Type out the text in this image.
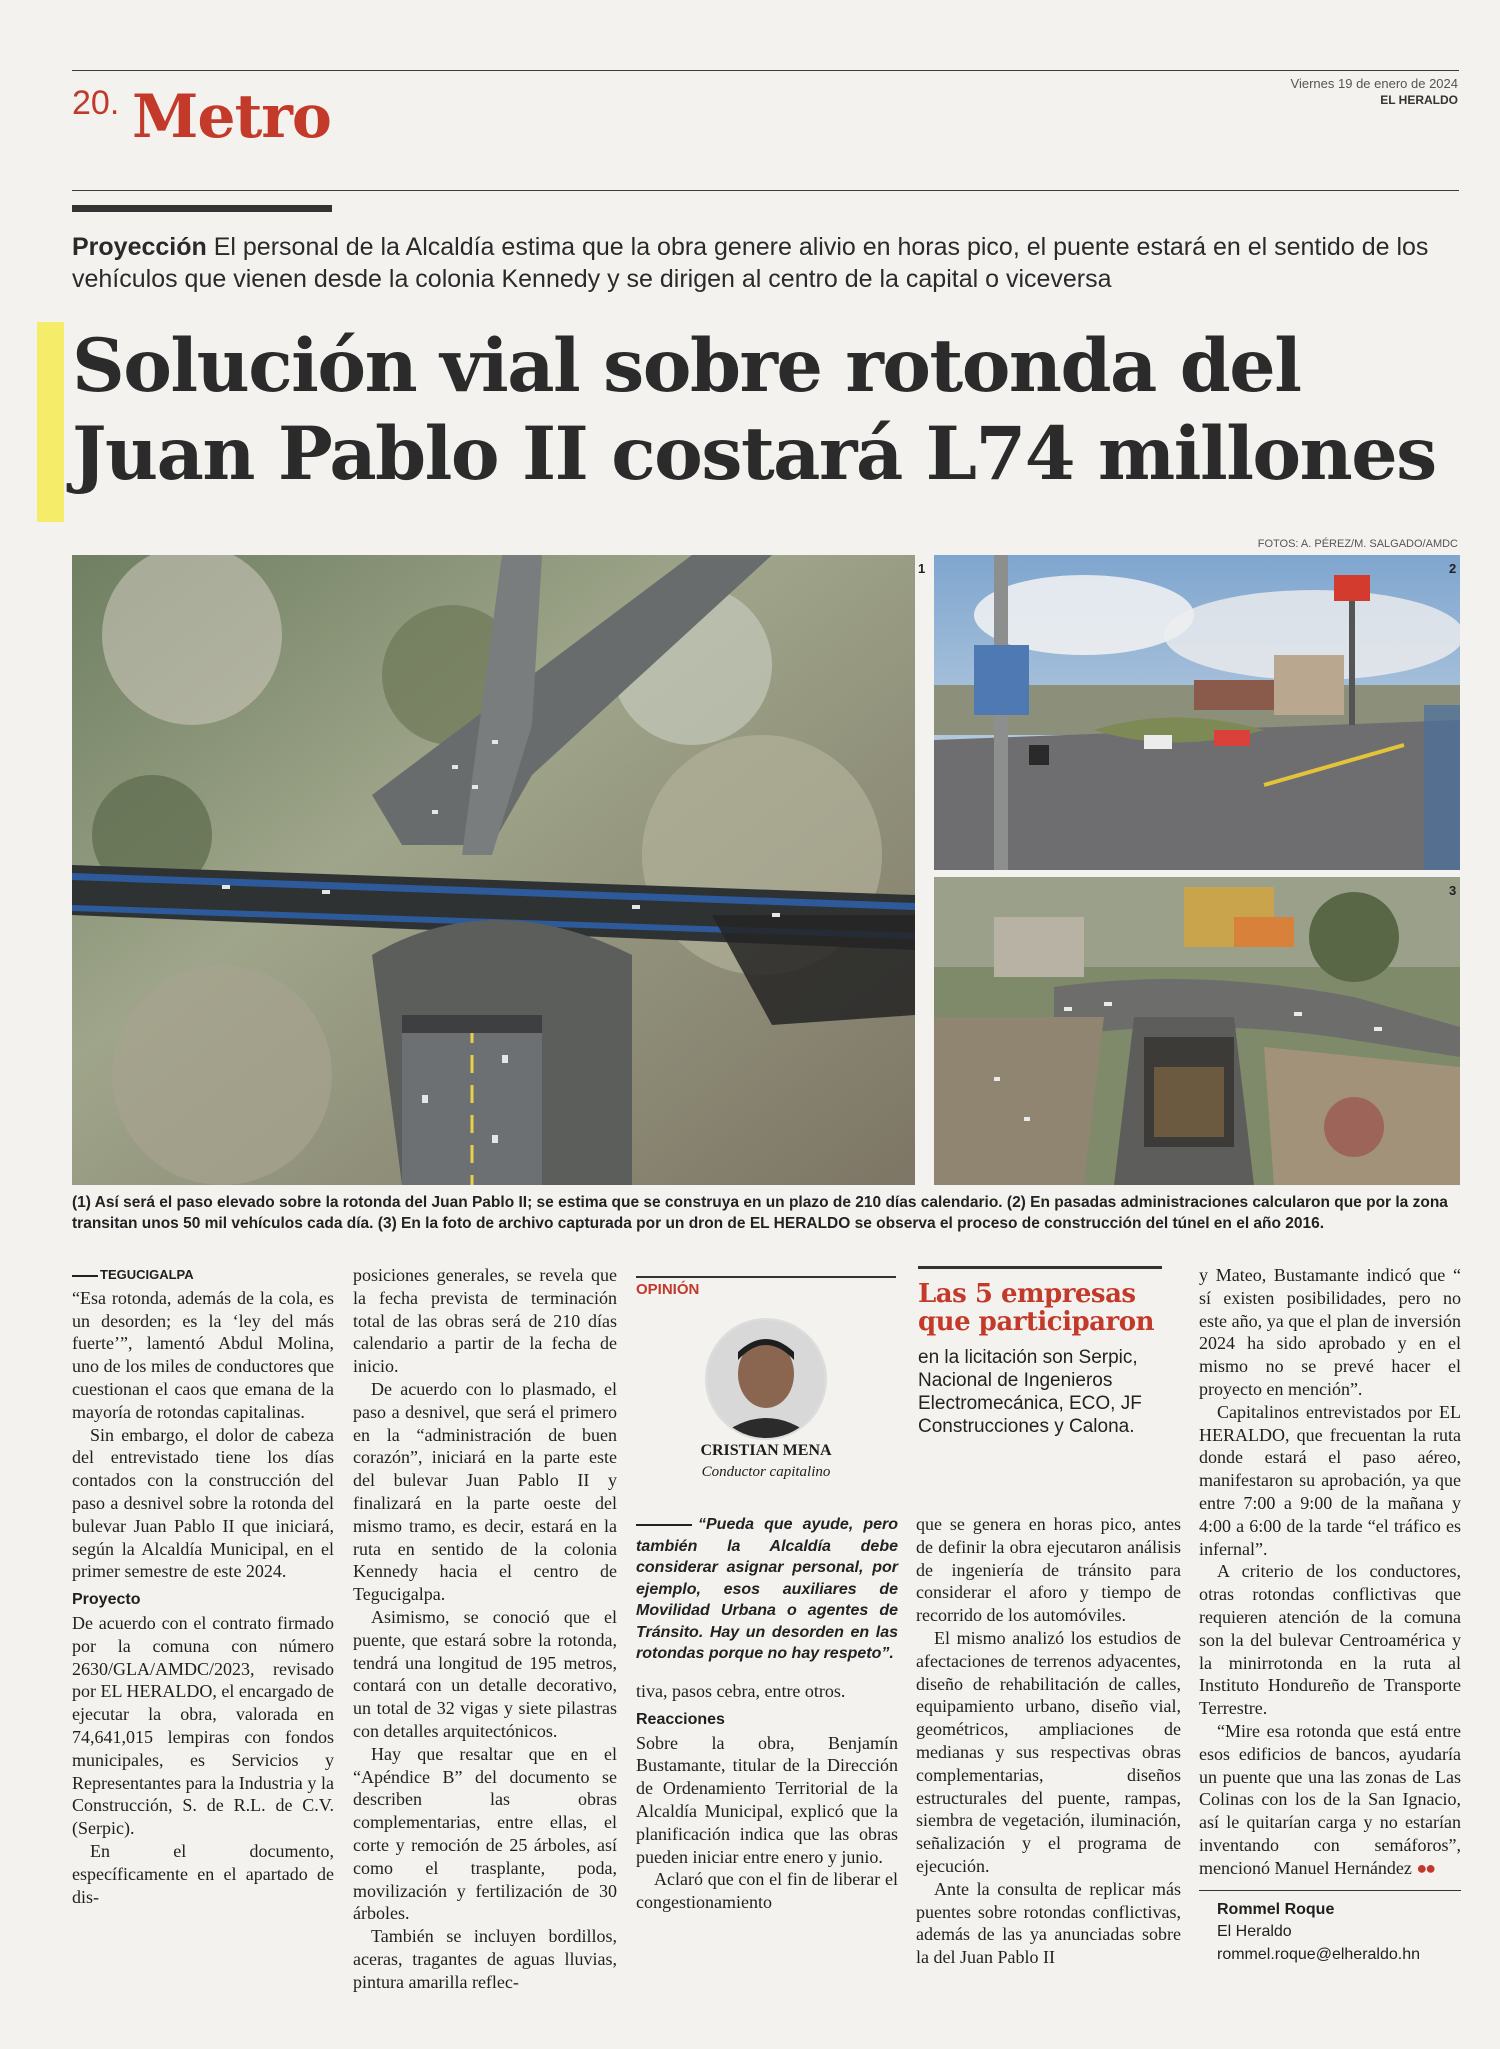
20. Metro	Viernes 19 de enero de 2024
EL HERALDO
Proyección El personal de la Alcaldía estima que la obra genere alivio en horas pico, el puente estará en el sentido de los vehículos que vienen desde la colonia Kennedy y se dirigen al centro de la capital o viceversa
Solución vial sobre rotonda del
Juan Pablo II costará L74 millones
FOTOS: A. PÉREZ/M. SALGADO/AMDC
1	2
3
(1) Así será el paso elevado sobre la rotonda del Juan Pablo II; se estima que se construya en un plazo de 210 días calendario. (2) En pasadas administraciones calcularon que por la zona transitan unos 50 mil vehículos cada día. (3) En la foto de archivo capturada por un dron de EL HERALDO se observa el proceso de construcción del túnel en el año 2016.

TEGUCIGALPA

“Esa rotonda, además de la cola, es un desorden; es la ‘ley del más fuerte’”, lamentó Abdul Molina, uno de los miles de conductores que cuestionan el caos que emana de la mayoría de rotondas capitalinas.

Sin embargo, el dolor de cabeza del entrevistado tiene los días contados con la construcción del paso a desnivel sobre la rotonda del bulevar Juan Pablo II que iniciará, según la Alcaldía Municipal, en el primer semestre de este 2024.

Proyecto

De acuerdo con el contrato firmado por la comuna con número 2630/GLA/AMDC/2023, revisado por EL HERALDO, el encargado de ejecutar la obra, valorada en 74,641,015 lempiras con fondos municipales, es Servicios y Representantes para la Industria y la Construcción, S. de R.L. de C.V. (Serpic).

En el documento, específicamente en el apartado de dis-

posiciones generales, se revela que la fecha prevista de terminación total de las obras será de 210 días calendario a partir de la fecha de inicio.

De acuerdo con lo plasmado, el paso a desnivel, que será el primero en la “administración de buen corazón”, iniciará en la parte este del bulevar Juan Pablo II y finalizará en la parte oeste del mismo tramo, es decir, estará en la ruta en sentido de la colonia Kennedy hacia el centro de Tegucigalpa.

Asimismo, se conoció que el puente, que estará sobre la rotonda, tendrá una longitud de 195 metros, contará con un detalle decorativo, un total de 32 vigas y siete pilastras con detalles arquitectónicos.

Hay que resaltar que en el “Apéndice B” del documento se describen las obras complementarias, entre ellas, el corte y remoción de 25 árboles, así como el trasplante, poda, movilización y fertilización de 30 árboles.

También se incluyen bordillos, aceras, tragantes de aguas lluvias, pintura amarilla reflec-

OPINIÓN
CRISTIAN MENA
Conductor capitalino
“Pueda que ayude, pero también la Alcaldía debe considerar asignar personal, por ejemplo, esos auxiliares de Movilidad Urbana o agentes de Tránsito. Hay un desorden en las rotondas porque no hay respeto”.

tiva, pasos cebra, entre otros.

Reacciones

Sobre la obra, Benjamín Bustamante, titular de la Dirección de Ordenamiento Territorial de la Alcaldía Municipal, explicó que la planificación indica que las obras pueden iniciar entre enero y junio.

Aclaró que con el fin de liberar el congestionamiento

Las 5 empresas que participaron
en la licitación son Serpic, Nacional de Ingenieros Electromecánica, ECO, JF Construcciones y Calona.

que se genera en horas pico, antes de definir la obra ejecutaron análisis de ingeniería de tránsito para considerar el aforo y tiempo de recorrido de los automóviles.

El mismo analizó los estudios de afectaciones de terrenos adyacentes, diseño de rehabilitación de calles, equipamiento urbano, diseño vial, geométricos, ampliaciones de medianas y sus respectivas obras complementarias, diseños estructurales del puente, rampas, siembra de vegetación, iluminación, señalización y el programa de ejecución.

Ante la consulta de replicar más puentes sobre rotondas conflictivas, además de las ya anunciadas sobre la del Juan Pablo II

y Mateo, Bustamante indicó que “ sí existen posibilidades, pero no este año, ya que el plan de inversión 2024 ha sido aprobado y en el mismo no se prevé hacer el proyecto en mención”.

Capitalinos entrevistados por EL HERALDO, que frecuentan la ruta donde estará el paso aéreo, manifestaron su aprobación, ya que entre 7:00 a 9:00 de la mañana y 4:00 a 6:00 de la tarde “el tráfico es infernal”.

A criterio de los conductores, otras rotondas conflictivas que requieren atención de la comuna son la del bulevar Centroamérica y la minirrotonda en la ruta al Instituto Hondureño de Transporte Terrestre.

“Mire esa rotonda que está entre esos edificios de bancos, ayudaría un puente que una las zonas de Las Colinas con los de la San Ignacio, así le quitarían carga y no estarían inventando con semáforos”, mencionó Manuel Hernández ●●

Rommel Roque

El Heraldo

rommel.roque@elheraldo.hn
